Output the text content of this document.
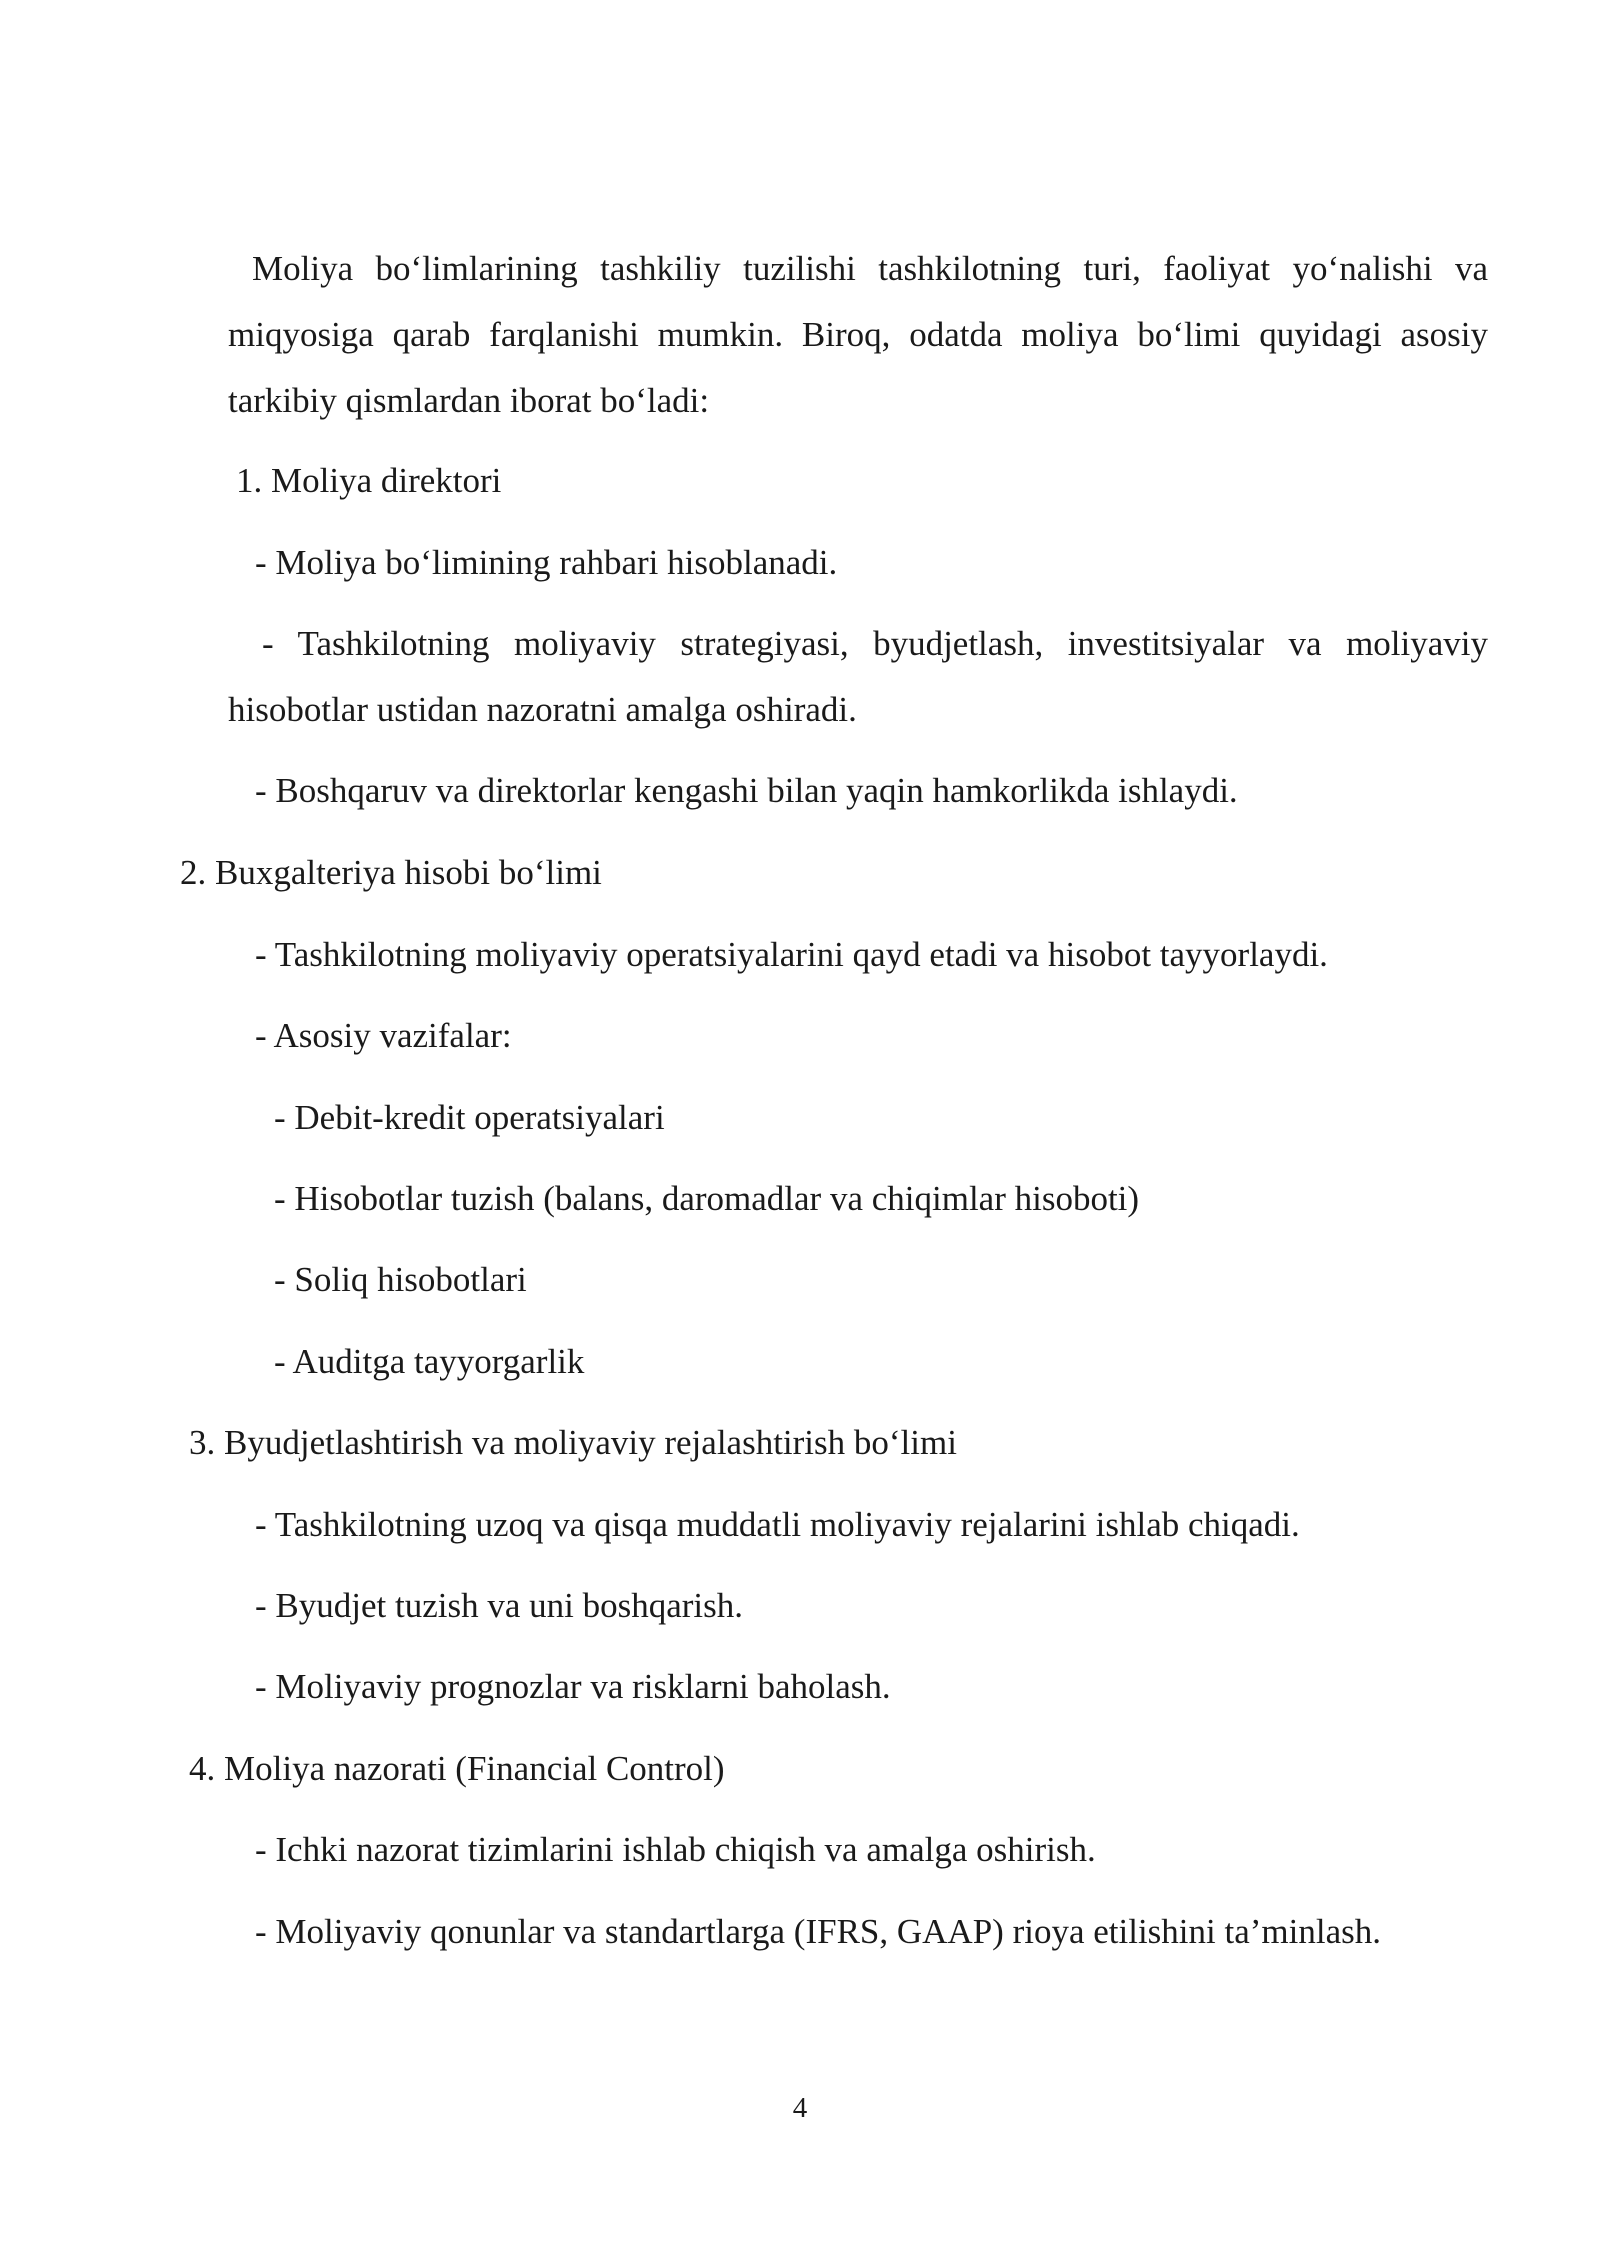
Moliya bo‘limlarining tashkiliy tuzilishi tashkilotning turi, faoliyat yo‘nalishi va
miqyosiga qarab farqlanishi mumkin. Biroq, odatda moliya bo‘limi quyidagi asosiy
tarkibiy qismlardan iborat bo‘ladi:
1. Moliya direktori
- Moliya bo‘limining rahbari hisoblanadi.
- Tashkilotning moliyaviy strategiyasi, byudjetlash, investitsiyalar va moliyaviy
hisobotlar ustidan nazoratni amalga oshiradi.
- Boshqaruv va direktorlar kengashi bilan yaqin hamkorlikda ishlaydi.
2. Buxgalteriya hisobi bo‘limi
- Tashkilotning moliyaviy operatsiyalarini qayd etadi va hisobot tayyorlaydi.
- Asosiy vazifalar:
- Debit-kredit operatsiyalari
- Hisobotlar tuzish (balans, daromadlar va chiqimlar hisoboti)
- Soliq hisobotlari
- Auditga tayyorgarlik
3. Byudjetlashtirish va moliyaviy rejalashtirish bo‘limi
- Tashkilotning uzoq va qisqa muddatli moliyaviy rejalarini ishlab chiqadi.
- Byudjet tuzish va uni boshqarish.
- Moliyaviy prognozlar va risklarni baholash.
4. Moliya nazorati (Financial Control)
- Ichki nazorat tizimlarini ishlab chiqish va amalga oshirish.
- Moliyaviy qonunlar va standartlarga (IFRS, GAAP) rioya etilishini ta’minlash.
4
